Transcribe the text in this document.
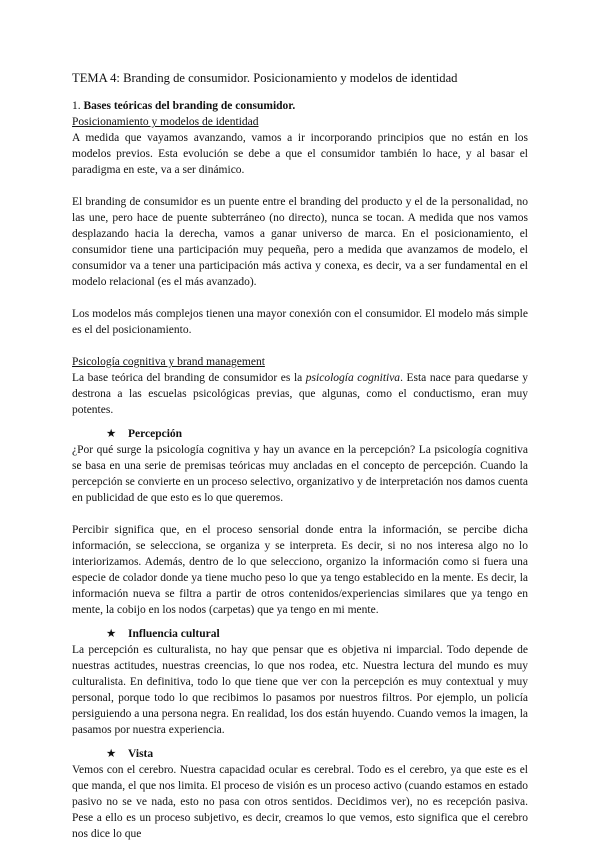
TEMA 4: Branding de consumidor. Posicionamiento y modelos de identidad
1. Bases teóricas del branding de consumidor.
Posicionamiento y modelos de identidad

A medida que vayamos avanzando, vamos a ir incorporando principios que no están en los modelos previos. Esta evolución se debe a que el consumidor también lo hace, y al basar el paradigma en este, va a ser dinámico.

El branding de consumidor es un puente entre el branding del producto y el de la personalidad, no las une, pero hace de puente subterráneo (no directo), nunca se tocan. A medida que nos vamos desplazando hacia la derecha, vamos a ganar universo de marca. En el posicionamiento, el consumidor tiene una participación muy pequeña, pero a medida que avanzamos de modelo, el consumidor va a tener una participación más activa y conexa, es decir, va a ser fundamental en el modelo relacional (es el más avanzado).

Los modelos más complejos tienen una mayor conexión con el consumidor. El modelo más simple es el del posicionamiento.

Psicología cognitiva y brand management

La base teórica del branding de consumidor es la psicología cognitiva. Esta nace para quedarse y destrona a las escuelas psicológicas previas, que algunas, como el conductismo, eran muy potentes.

★ Percepción

¿Por qué surge la psicología cognitiva y hay un avance en la percepción? La psicología cognitiva se basa en una serie de premisas teóricas muy ancladas en el concepto de percepción. Cuando la percepción se convierte en un proceso selectivo, organizativo y de interpretación nos damos cuenta en publicidad de que esto es lo que queremos.

Percibir significa que, en el proceso sensorial donde entra la información, se percibe dicha información, se selecciona, se organiza y se interpreta. Es decir, si no nos interesa algo no lo interiorizamos. Además, dentro de lo que selecciono, organizo la información como si fuera una especie de colador donde ya tiene mucho peso lo que ya tengo establecido en la mente. Es decir, la información nueva se filtra a partir de otros contenidos/experiencias similares que ya tengo en mente, la cobijo en los nodos (carpetas) que ya tengo en mi mente.

★ Influencia cultural

La percepción es culturalista, no hay que pensar que es objetiva ni imparcial. Todo depende de nuestras actitudes, nuestras creencias, lo que nos rodea, etc. Nuestra lectura del mundo es muy culturalista. En definitiva, todo lo que tiene que ver con la percepción es muy contextual y muy personal, porque todo lo que recibimos lo pasamos por nuestros filtros. Por ejemplo, un policía persiguiendo a una persona negra. En realidad, los dos están huyendo. Cuando vemos la imagen, la pasamos por nuestra experiencia.

★ Vista

Vemos con el cerebro. Nuestra capacidad ocular es cerebral. Todo es el cerebro, ya que este es el que manda, el que nos limita. El proceso de visión es un proceso activo (cuando estamos en estado pasivo no se ve nada, esto no pasa con otros sentidos. Decidimos ver), no es recepción pasiva. Pese a ello es un proceso subjetivo, es decir, creamos lo que vemos, esto significa que el cerebro nos dice lo que
